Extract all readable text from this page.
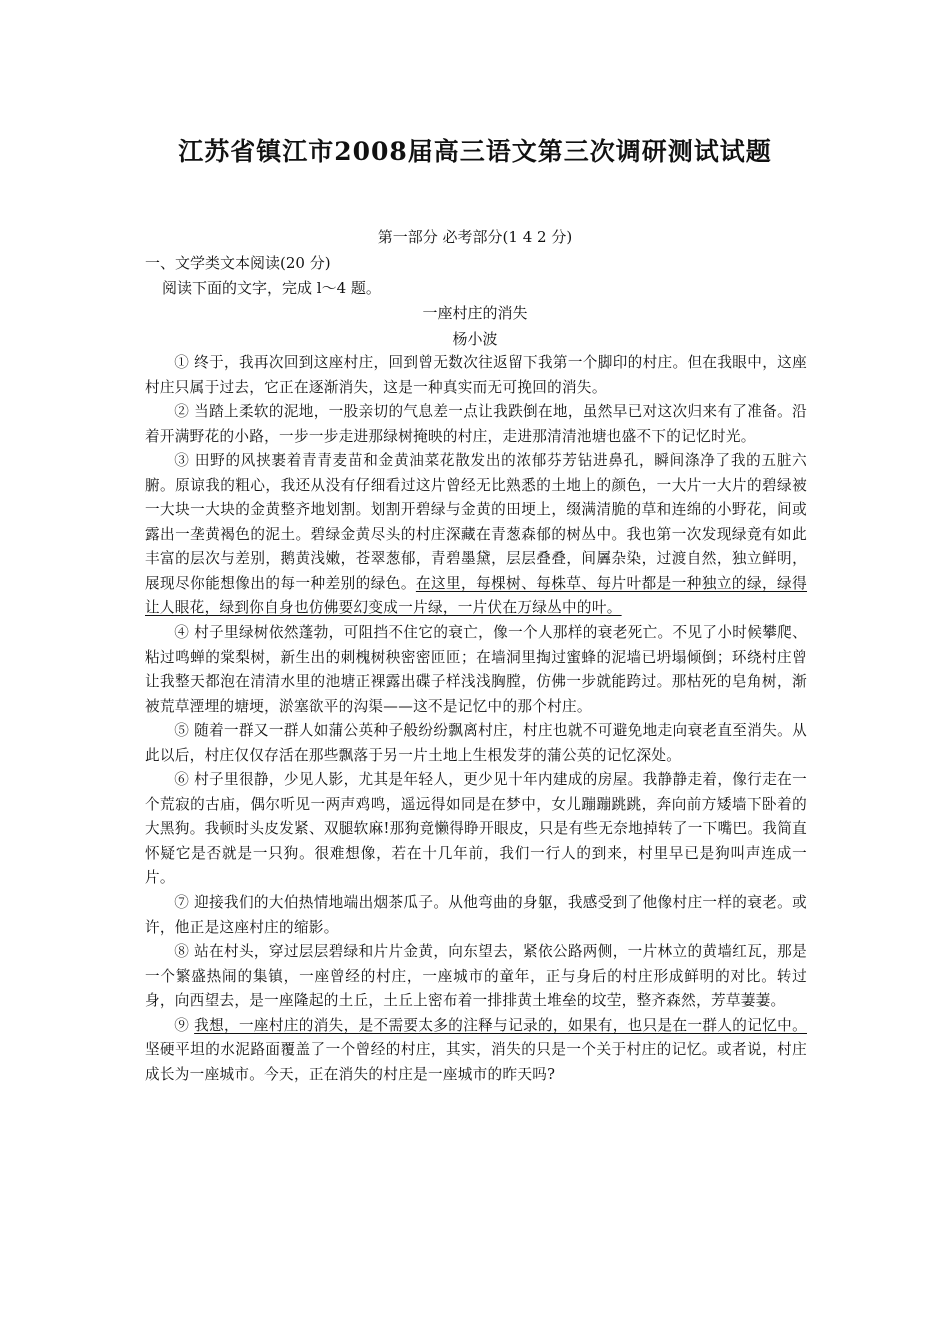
江苏省镇江市2008届高三语文第三次调研测试试题
第一部分 必考部分(1 4 2 分)
一、文学类文本阅读(20 分)
阅读下面的文字，完成 l～4 题。
一座村庄的消失
杨小波

① 终于，我再次回到这座村庄，回到曾无数次往返留下我第一个脚印的村庄。但在我眼中，这座村庄只属于过去，它正在逐渐消失，这是一种真实而无可挽回的消失。

② 当踏上柔软的泥地，一股亲切的气息差一点让我跌倒在地，虽然早已对这次归来有了准备。沿着开满野花的小路，一步一步走进那绿树掩映的村庄，走进那清清池塘也盛不下的记忆时光。

③ 田野的风挟裹着青青麦苗和金黄油菜花散发出的浓郁芬芳钻进鼻孔，瞬间涤净了我的五脏六腑。原谅我的粗心，我还从没有仔细看过这片曾经无比熟悉的土地上的颜色，一大片一大片的碧绿被一大块一大块的金黄整齐地划割。划割开碧绿与金黄的田埂上，缀满清脆的草和连绵的小野花，间或露出一垄黄褐色的泥土。碧绿金黄尽头的村庄深藏在青葱森郁的树丛中。我也第一次发现绿竟有如此丰富的层次与差别，鹅黄浅嫩，苍翠葱郁，青碧墨黛，层层叠叠，间羼杂染，过渡自然，独立鲜明，展现尽你能想像出的每一种差别的绿色。在这里，每棵树、每株草、每片叶都是一种独立的绿，绿得让人眼花，绿到你自身也仿佛要幻变成一片绿，一片伏在万绿丛中的叶。

④ 村子里绿树依然蓬勃，可阻挡不住它的衰亡，像一个人那样的衰老死亡。不见了小时候攀爬、粘过鸣蝉的棠梨树，新生出的刺槐树秧密密匝匝；在墙洞里掏过蜜蜂的泥墙已坍塌倾倒；环绕村庄曾让我整天都泡在清清水里的池塘正裸露出碟子样浅浅胸膛，仿佛一步就能跨过。那枯死的皂角树，渐被荒草湮埋的塘埂，淤塞欲平的沟渠——这不是记忆中的那个村庄。

⑤ 随着一群又一群人如蒲公英种子般纷纷飘离村庄，村庄也就不可避免地走向衰老直至消失。从此以后，村庄仅仅存活在那些飘落于另一片土地上生根发芽的蒲公英的记忆深处。

⑥ 村子里很静，少见人影，尤其是年轻人，更少见十年内建成的房屋。我静静走着，像行走在一个荒寂的古庙，偶尔听见一两声鸡鸣，遥远得如同是在梦中，女儿蹦蹦跳跳，奔向前方矮墙下卧着的大黑狗。我顿时头皮发紧、双腿软麻!那狗竟懒得睁开眼皮，只是有些无奈地掉转了一下嘴巴。我简直怀疑它是否就是一只狗。很难想像，若在十几年前，我们一行人的到来，村里早已是狗叫声连成一片。

⑦ 迎接我们的大伯热情地端出烟茶瓜子。从他弯曲的身躯，我感受到了他像村庄一样的衰老。或许，他正是这座村庄的缩影。

⑧ 站在村头，穿过层层碧绿和片片金黄，向东望去，紧依公路两侧，一片林立的黄墙红瓦，那是一个繁盛热闹的集镇，一座曾经的村庄，一座城市的童年，正与身后的村庄形成鲜明的对比。转过身，向西望去，是一座隆起的土丘，土丘上密布着一排排黄土堆垒的坟茔，整齐森然，芳草萋萋。

⑨ 我想，一座村庄的消失，是不需要太多的注释与记录的，如果有，也只是在一群人的记忆中。坚硬平坦的水泥路面覆盖了一个曾经的村庄，其实，消失的只是一个关于村庄的记忆。或者说，村庄成长为一座城市。今天，正在消失的村庄是一座城市的昨天吗?
